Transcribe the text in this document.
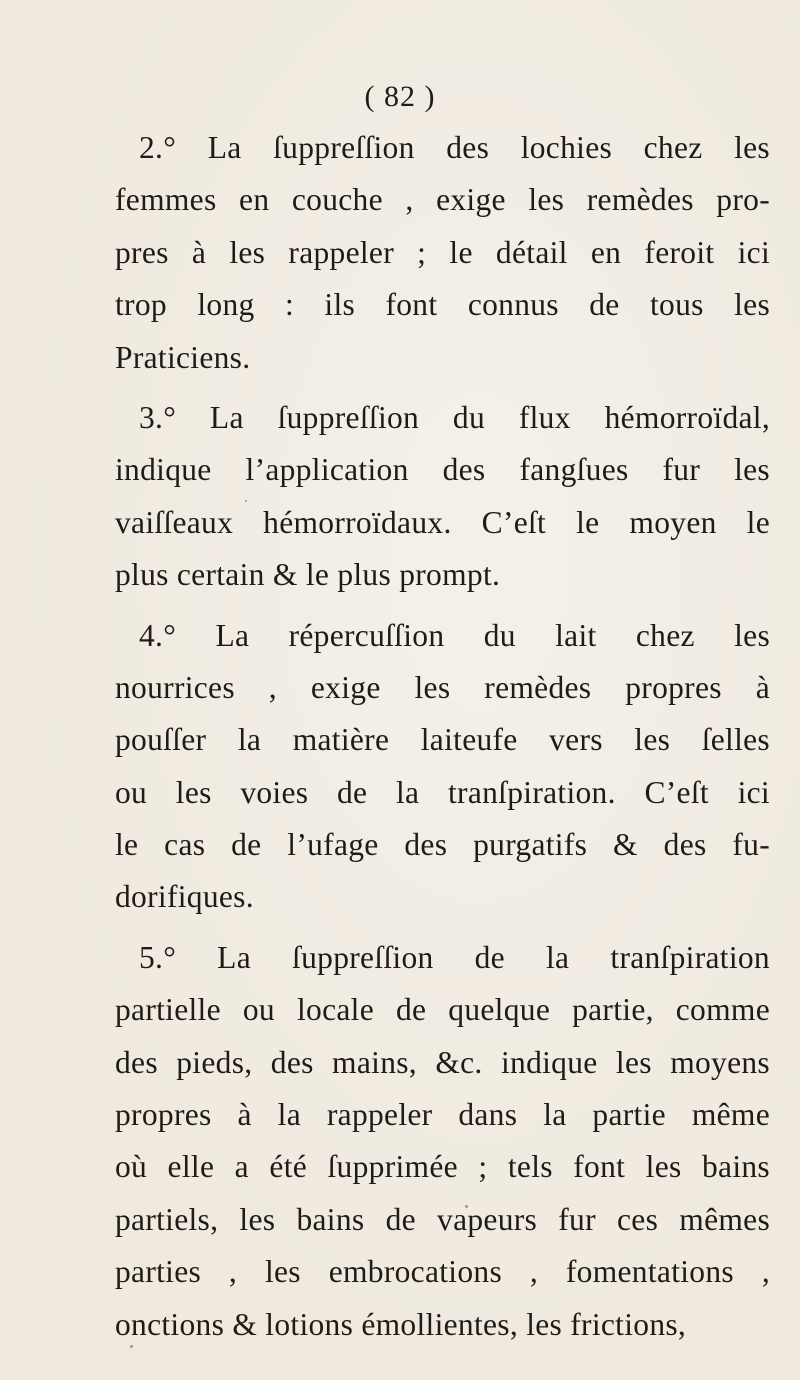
( 82 )
2.° La ſuppreſſion des lochies chez les
femmes en couche , exige les remèdes pro-
pres à les rappeler ; le détail en feroit ici
trop long : ils font connus de tous les
Praticiens.
3.° La ſuppreſſion du flux hémorroïdal,
indique l’application des fangſues fur les
vaiſſeaux hémorroïdaux. C’eſt le moyen le
plus certain & le plus prompt.
4.° La répercuſſion du lait chez les
nourrices , exige les remèdes propres à
pouſſer la matière laiteufe vers les ſelles
ou les voies de la tranſpiration. C’eſt ici
le cas de l’ufage des purgatifs & des fu-
dorifiques.
5.° La ſuppreſſion de la tranſpiration
partielle ou locale de quelque partie, comme
des pieds, des mains, &c. indique les moyens
propres à la rappeler dans la partie même
où elle a été ſupprimée ; tels font les bains
partiels, les bains de vapeurs fur ces mêmes
parties , les embrocations , fomentations ,
onctions & lotions émollientes, les frictions,
